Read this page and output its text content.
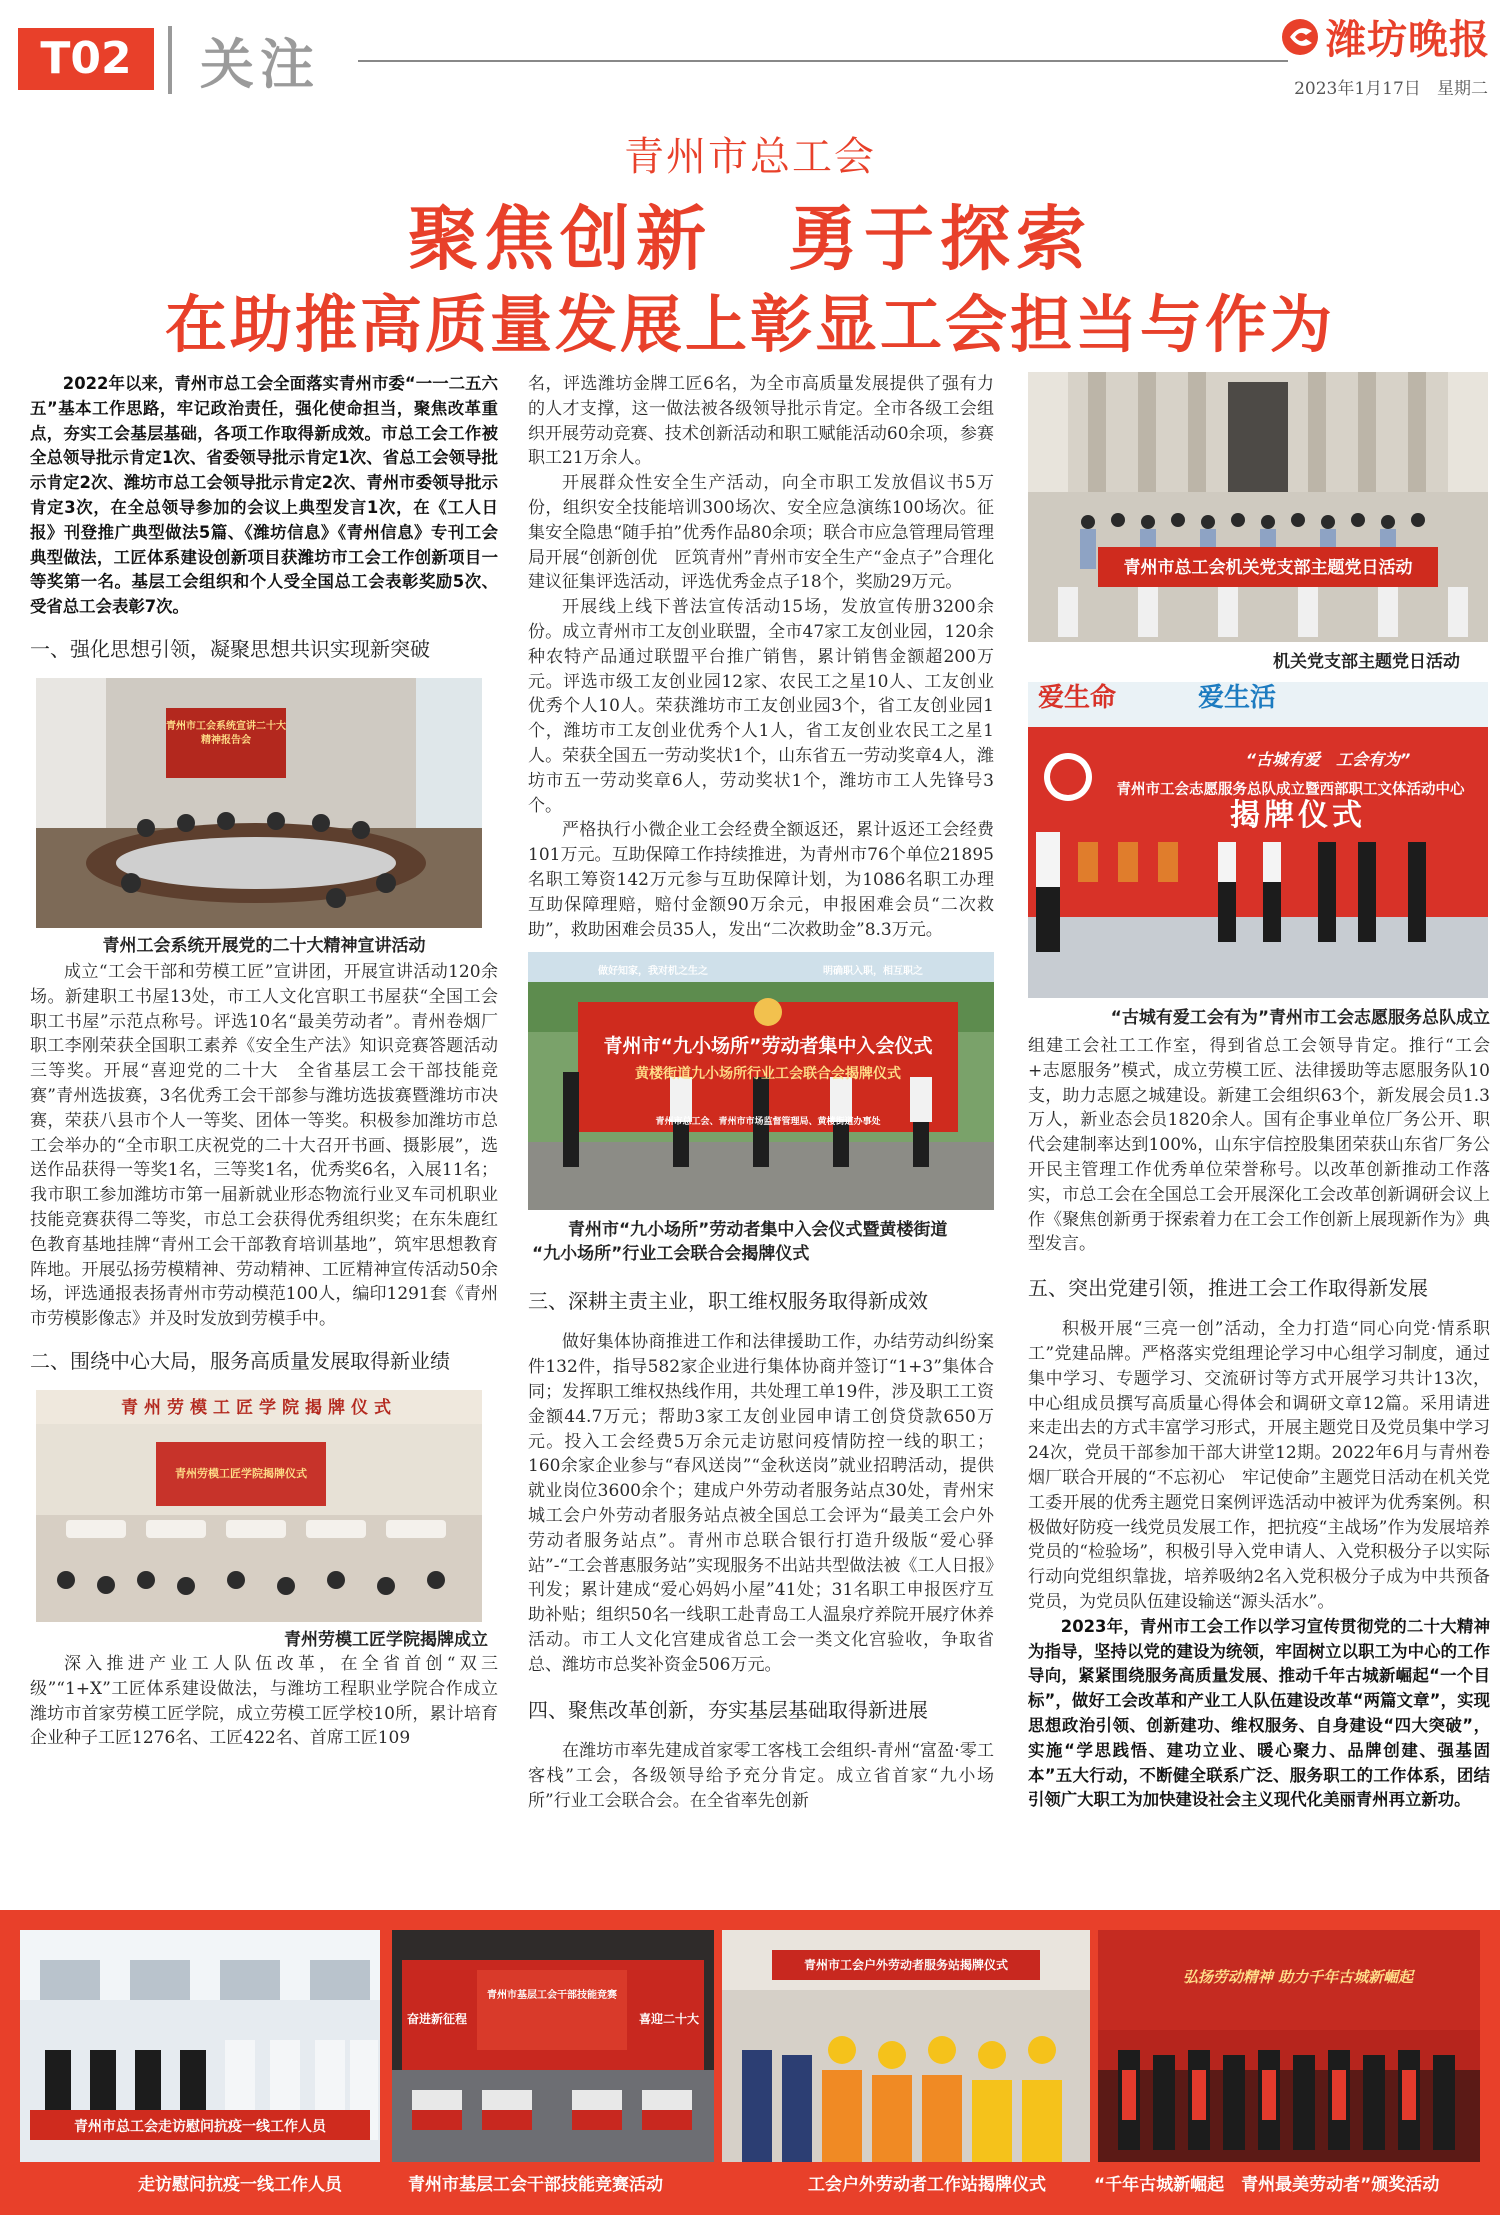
T02	关注	潍坊晚报
2023年1月17日 星期二
青州市总工会
聚焦创新　勇于探索
在助推高质量发展上彰显工会担当与作为

2022年以来，青州市总工会全面落实青州市委“一一二五六五”基本工作思路，牢记政治责任，强化使命担当，聚焦改革重点，夯实工会基层基础，各项工作取得新成效。市总工会工作被全总领导批示肯定1次、省委领导批示肯定1次、省总工会领导批示肯定2次、潍坊市总工会领导批示肯定2次、青州市委领导批示肯定3次，在全总领导参加的会议上典型发言1次，在《工人日报》刊登推广典型做法5篇、《潍坊信息》《青州信息》专刊工会典型做法，工匠体系建设创新项目获潍坊市工会工作创新项目一等奖第一名。基层工会组织和个人受全国总工会表彰奖励5次、受省总工会表彰7次。

一、强化思想引领，凝聚思想共识实现新突破
青州市工会系统宣讲二十大精神报告会
青州工会系统开展党的二十大精神宣讲活动

成立“工会干部和劳模工匠”宣讲团，开展宣讲活动120余场。新建职工书屋13处，市工人文化宫职工书屋获“全国工会职工书屋”示范点称号。评选10名“最美劳动者”。青州卷烟厂职工李刚荣获全国职工素养《安全生产法》知识竞赛答题活动三等奖。开展“喜迎党的二十大　全省基层工会干部技能竞赛”青州选拔赛，3名优秀工会干部参与潍坊选拔赛暨潍坊市决赛，荣获八县市个人一等奖、团体一等奖。积极参加潍坊市总工会举办的“全市职工庆祝党的二十大召开书画、摄影展”，选送作品获得一等奖1名，三等奖1名，优秀奖6名，入展11名；我市职工参加潍坊市第一届新就业形态物流行业叉车司机职业技能竞赛获得二等奖，市总工会获得优秀组织奖；在东朱鹿红色教育基地挂牌“青州工会干部教育培训基地”，筑牢思想教育阵地。开展弘扬劳模精神、劳动精神、工匠精神宣传活动50余场，评选通报表扬青州市劳动模范100人，编印1291套《青州市劳模影像志》并及时发放到劳模手中。

二、围绕中心大局，服务高质量发展取得新业绩
青州劳模工匠学院揭牌仪式
青州劳模工匠学院揭牌仪式
青州劳模工匠学院揭牌成立

深入推进产业工人队伍改革，在全省首创“双三级”“1+X”工匠体系建设做法，与潍坊工程职业学院合作成立潍坊市首家劳模工匠学院，成立劳模工匠学校10所，累计培育企业种子工匠1276名、工匠422名、首席工匠109

名，评选潍坊金牌工匠6名，为全市高质量发展提供了强有力的人才支撑，这一做法被各级领导批示肯定。全市各级工会组织开展劳动竞赛、技术创新活动和职工赋能活动60余项，参赛职工21万余人。

开展群众性安全生产活动，向全市职工发放倡议书5万份，组织安全技能培训300场次、安全应急演练100场次。征集安全隐患“随手拍”优秀作品80余项；联合市应急管理局管理局开展“创新创优　匠筑青州”青州市安全生产“金点子”合理化建议征集评选活动，评选优秀金点子18个，奖励29万元。

开展线上线下普法宣传活动15场，发放宣传册3200余份。成立青州市工友创业联盟，全市47家工友创业园，120余种农特产品通过联盟平台推广销售，累计销售金额超200万元。评选市级工友创业园12家、农民工之星10人、工友创业优秀个人10人。荣获潍坊市工友创业园3个，省工友创业园1个，潍坊市工友创业优秀个人1人，省工友创业农民工之星1人。荣获全国五一劳动奖状1个，山东省五一劳动奖章4人，潍坊市五一劳动奖章6人，劳动奖状1个，潍坊市工人先锋号3个。

严格执行小微企业工会经费全额返还，累计返还工会经费101万元。互助保障工作持续推进，为青州市76个单位21895名职工筹资142万元参与互助保障计划，为1086名职工办理互助保障理赔，赔付金额90万余元，申报困难会员“二次救助”，救助困难会员35人，发出“二次救助金”8.3万元。

做好知家，我对机之生之	明确职入职，相互职之
青州市“九小场所”劳动者集中入会仪式
黄楼街道九小场所行业工会联合会揭牌仪式
青州市总工会、青州市市场监督管理局、黄楼街道办事处
青州市“九小场所”劳动者集中入会仪式暨黄楼街道
“九小场所”行业工会联合会揭牌仪式
三、深耕主责主业，职工维权服务取得新成效

做好集体协商推进工作和法律援助工作，办结劳动纠纷案件132件，指导582家企业进行集体协商并签订“1+3”集体合同；发挥职工维权热线作用，共处理工单19件，涉及职工工资金额44.7万元；帮助3家工友创业园申请工创贷贷款650万元。投入工会经费5万余元走访慰问疫情防控一线的职工；160余家企业参与“春风送岗”“金秋送岗”就业招聘活动，提供就业岗位3600余个；建成户外劳动者服务站点30处，青州宋城工会户外劳动者服务站点被全国总工会评为“最美工会户外劳动者服务站点”。青州市总联合银行打造升级版“爱心驿站”-“工会普惠服务站”实现服务不出站共型做法被《工人日报》刊发；累计建成“爱心妈妈小屋”41处；31名职工申报医疗互助补贴；组织50名一线职工赴青岛工人温泉疗养院开展疗休养活动。市工人文化宫建成省总工会一类文化宫验收，争取省总、潍坊市总奖补资金506万元。

四、聚焦改革创新，夯实基层基础取得新进展

在潍坊市率先建成首家零工客栈工会组织-青州“富盈·零工客栈”工会，各级领导给予充分肯定。成立省首家“九小场所”行业工会联合会。在全省率先创新

青州市总工会机关党支部主题党日活动
机关党支部主题党日活动
爱生命	爱生活
“古城有爱　工会有为”
青州市工会志愿服务总队成立暨西部职工文体活动中心
揭牌仪式
“古城有爱工会有为”青州市工会志愿服务总队成立

组建工会社工工作室，得到省总工会领导肯定。推行“工会+志愿服务”模式，成立劳模工匠、法律援助等志愿服务队10支，助力志愿之城建设。新建工会组织63个，新发展会员1.3万人，新业态会员1820余人。国有企事业单位厂务公开、职代会建制率达到100%，山东宇信控股集团荣获山东省厂务公开民主管理工作优秀单位荣誉称号。以改革创新推动工作落实，市总工会在全国总工会开展深化工会改革创新调研会议上作《聚焦创新勇于探索着力在工会工作创新上展现新作为》典型发言。

五、突出党建引领，推进工会工作取得新发展

积极开展“三亮一创”活动，全力打造“同心向党·情系职工”党建品牌。严格落实党组理论学习中心组学习制度，通过集中学习、专题学习、交流研讨等方式开展学习共计13次，中心组成员撰写高质量心得体会和调研文章12篇。采用请进来走出去的方式丰富学习形式，开展主题党日及党员集中学习24次，党员干部参加干部大讲堂12期。2022年6月与青州卷烟厂联合开展的“不忘初心　牢记使命”主题党日活动在机关党工委开展的优秀主题党日案例评选活动中被评为优秀案例。积极做好防疫一线党员发展工作，把抗疫“主战场”作为发展培养党员的“检验场”，积极引导入党申请人、入党积极分子以实际行动向党组织靠拢，培养吸纳2名入党积极分子成为中共预备党员，为党员队伍建设输送“源头活水”。

2023年，青州市工会工作以学习宣传贯彻党的二十大精神为指导，坚持以党的建设为统领，牢固树立以职工为中心的工作导向，紧紧围绕服务高质量发展、推动千年古城新崛起“一个目标”，做好工会改革和产业工人队伍建设改革“两篇文章”，实现思想政治引领、创新建功、维权服务、自身建设“四大突破”，实施“学思践悟、建功立业、暖心聚力、品牌创建、强基固本”五大行动，不断健全联系广泛、服务职工的工作体系，团结引领广大职工为加快建设社会主义现代化美丽青州再立新功。

青州市总工会走访慰问抗疫一线工作人员
青州市基层工会干部技能竞赛
奋进新征程	喜迎二十大
青州市工会户外劳动者服务站揭牌仪式
弘扬劳动精神 助力千年古城新崛起
走访慰问抗疫一线工作人员	青州市基层工会干部技能竞赛活动	工会户外劳动者工作站揭牌仪式	“千年古城新崛起　青州最美劳动者”颁奖活动
